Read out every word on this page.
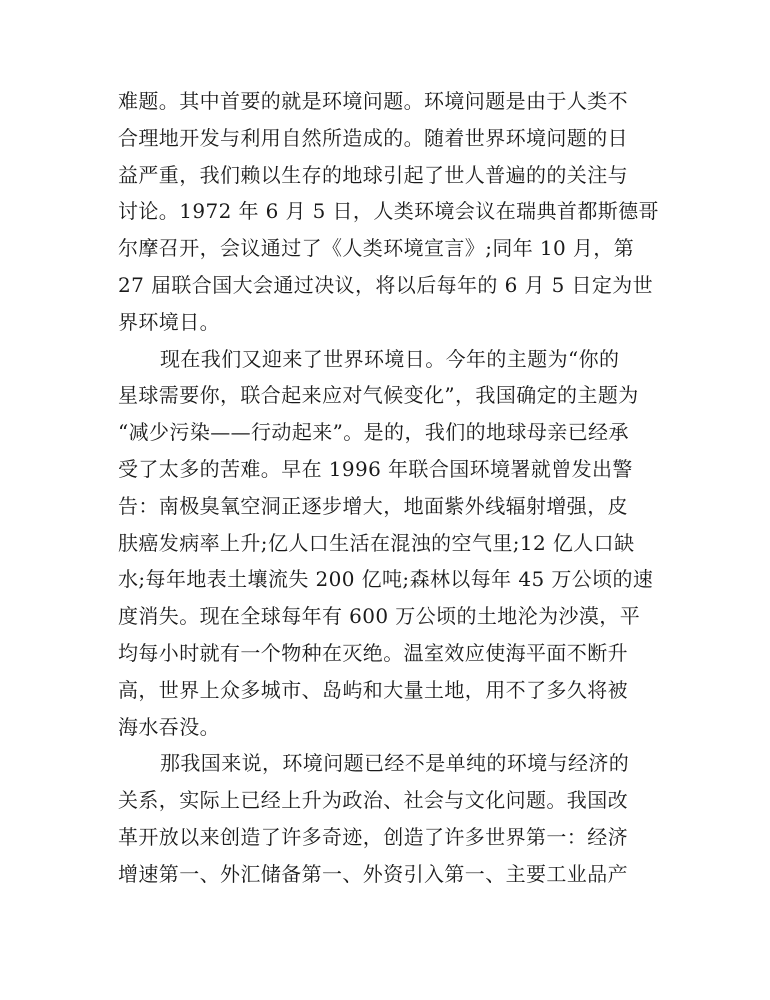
难题。其中首要的就是环境问题。环境问题是由于人类不
合理地开发与利用自然所造成的。随着世界环境问题的日
益严重，我们赖以生存的地球引起了世人普遍的的关注与
讨论。1972 年 6 月 5 日，人类环境会议在瑞典首都斯德哥
尔摩召开，会议通过了《人类环境宣言》;同年 10 月，第
27 届联合国大会通过决议，将以后每年的 6 月 5 日定为世
界环境日。
现在我们又迎来了世界环境日。今年的主题为“你的
星球需要你，联合起来应对气候变化”，我国确定的主题为
“减少污染——行动起来”。是的，我们的地球母亲已经承
受了太多的苦难。早在 1996 年联合国环境署就曾发出警
告：南极臭氧空洞正逐步增大，地面紫外线辐射增强，皮
肤癌发病率上升;亿人口生活在混浊的空气里;12 亿人口缺
水;每年地表土壤流失 200 亿吨;森林以每年 45 万公顷的速
度消失。现在全球每年有 600 万公顷的土地沦为沙漠，平
均每小时就有一个物种在灭绝。温室效应使海平面不断升
高，世界上众多城市、岛屿和大量土地，用不了多久将被
海水吞没。
那我国来说，环境问题已经不是单纯的环境与经济的
关系，实际上已经上升为政治、社会与文化问题。我国改
革开放以来创造了许多奇迹，创造了许多世界第一：经济
增速第一、外汇储备第一、外资引入第一、主要工业品产
